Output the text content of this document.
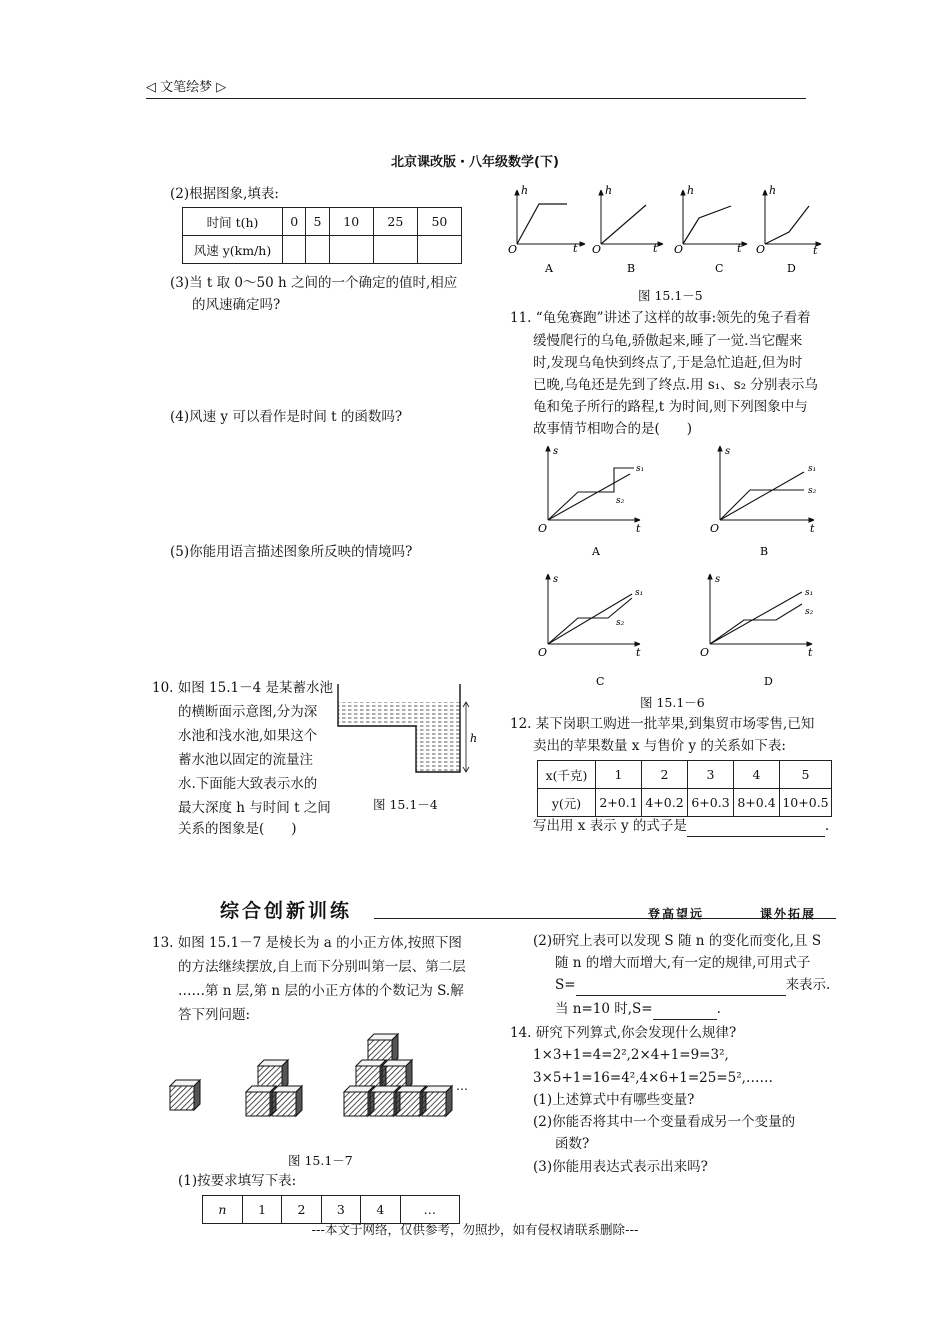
◁ 文笔绘梦 ▷
北京课改版・八年级数学(下)
(2)根据图象,填表:
时间 t(h)	0	5	10	25	50
风速 y(km/h)					
(3)当 t 取 0～50 h 之间的一个确定的值时,相应
的风速确定吗?
(4)风速 y 可以看作是时间 t 的函数吗?
(5)你能用语言描述图象所反映的情境吗?
10. 如图 15.1－4 是某蓄水池
的横断面示意图,分为深
水池和浅水池,如果这个
蓄水池以固定的流量注
水.下面能大致表示水的
最大深度 h 与时间 t 之间
关系的图象是(　　)
h
图 15.1－4
h
O	t
A
h
O	t
B
h
O	t
C
h
O	t
D
图 15.1－5
11. “龟兔赛跑”讲述了这样的故事:领先的兔子看着
缓慢爬行的乌龟,骄傲起来,睡了一觉.当它醒来
时,发现乌龟快到终点了,于是急忙追赶,但为时
已晚,乌龟还是先到了终点.用 s₁、s₂ 分别表示乌
龟和兔子所行的路程,t 为时间,则下列图象中与
故事情节相吻合的是(　　)
s
O	t
s₁
s₂
A
s
O	t
s₁
s₂
B
s
O	t
s₁
s₂
C
s
O	t
s₁
s₂
D
图 15.1－6
12. 某下岗职工购进一批苹果,到集贸市场零售,已知
卖出的苹果数量 x 与售价 y 的关系如下表:
x(千克)	1	2	3	4	5
y(元)	2+0.1	4+0.2	6+0.3	8+0.4	10+0.5
写出用 x 表示 y 的式子是	.
综合创新训练	登高望远	课外拓展
13. 如图 15.1－7 是棱长为 a 的小正方体,按照下图
的方法继续摆放,自上而下分别叫第一层、第二层
……第 n 层,第 n 层的小正方体的个数记为 S.解
答下列问题:
…
图 15.1－7
(1)按要求填写下表:
n	1	2	3	4	…
(2)研究上表可以发现 S 随 n 的变化而变化,且 S
随 n 的增大而增大,有一定的规律,可用式子
S=	来表示.
当 n=10 时,S=	.
14. 研究下列算式,你会发现什么规律?
1×3+1=4=2²,2×4+1=9=3²,
3×5+1=16=4²,4×6+1=25=5²,……
(1)上述算式中有哪些变量?
(2)你能否将其中一个变量看成另一个变量的
函数?
(3)你能用表达式表示出来吗?
---本文于网络，仅供参考，勿照抄，如有侵权请联系删除---
